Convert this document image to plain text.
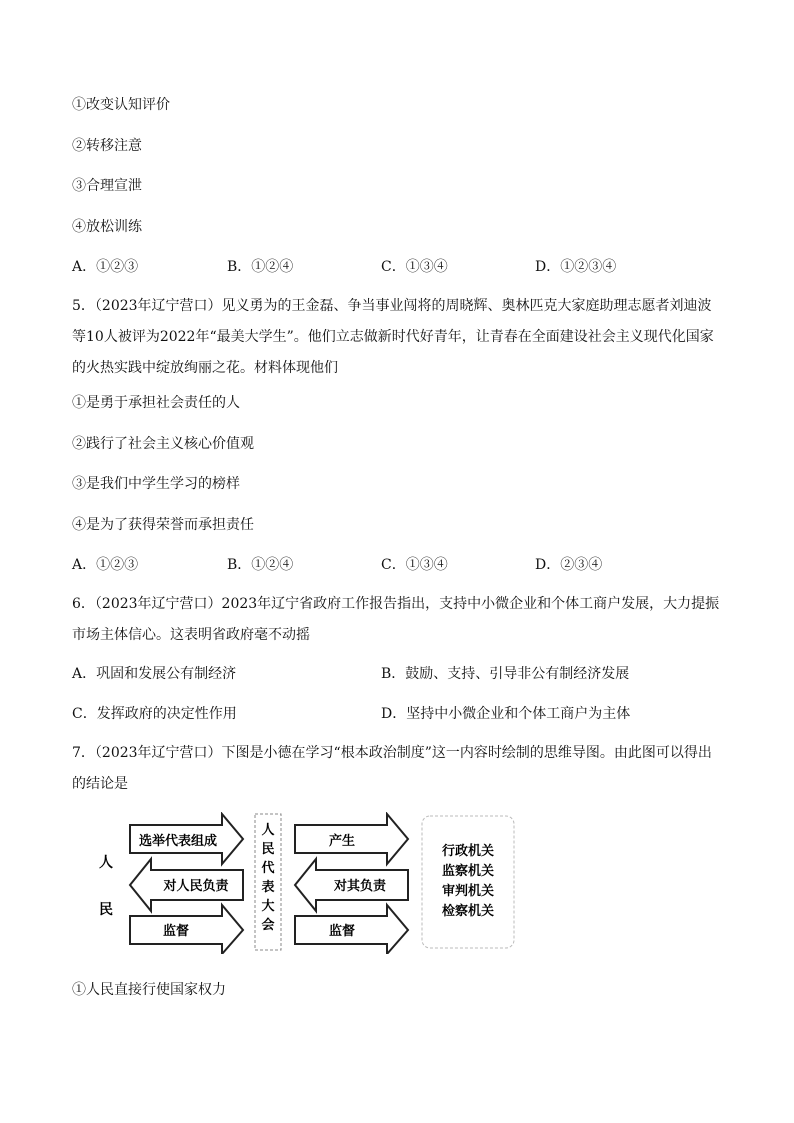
①改变认知评价
②转移注意
③合理宣泄
④放松训练
A．①②③	B．①②④	C．①③④	D．①②③④
5．（2023年辽宁营口）见义勇为的王金磊、争当事业闯将的周晓辉、奥林匹克大家庭助理志愿者刘迪波等10人被评为2022年“最美大学生”。他们立志做新时代好青年，让青春在全面建设社会主义现代化国家的火热实践中绽放绚丽之花。材料体现他们
①是勇于承担社会责任的人
②践行了社会主义核心价值观
③是我们中学生学习的榜样
④是为了获得荣誉而承担责任
A．①②③	B．①②④	C．①③④	D．②③④
6．（2023年辽宁营口）2023年辽宁省政府工作报告指出，支持中小微企业和个体工商户发展，大力提振市场主体信心。这表明省政府毫不动摇
A．巩固和发展公有制经济	B．鼓励、支持、引导非公有制经济发展
C．发挥政府的决定性作用	D．坚持中小微企业和个体工商户为主体
7．（2023年辽宁营口）下图是小德在学习“根本政治制度”这一内容时绘制的思维导图。由此图可以得出的结论是
人
民
选举代表组成
对人民负责
监督
人
民
代
表
大
会
产生
对其负责
监督
行政机关
监察机关
审判机关
检察机关
①人民直接行使国家权力
